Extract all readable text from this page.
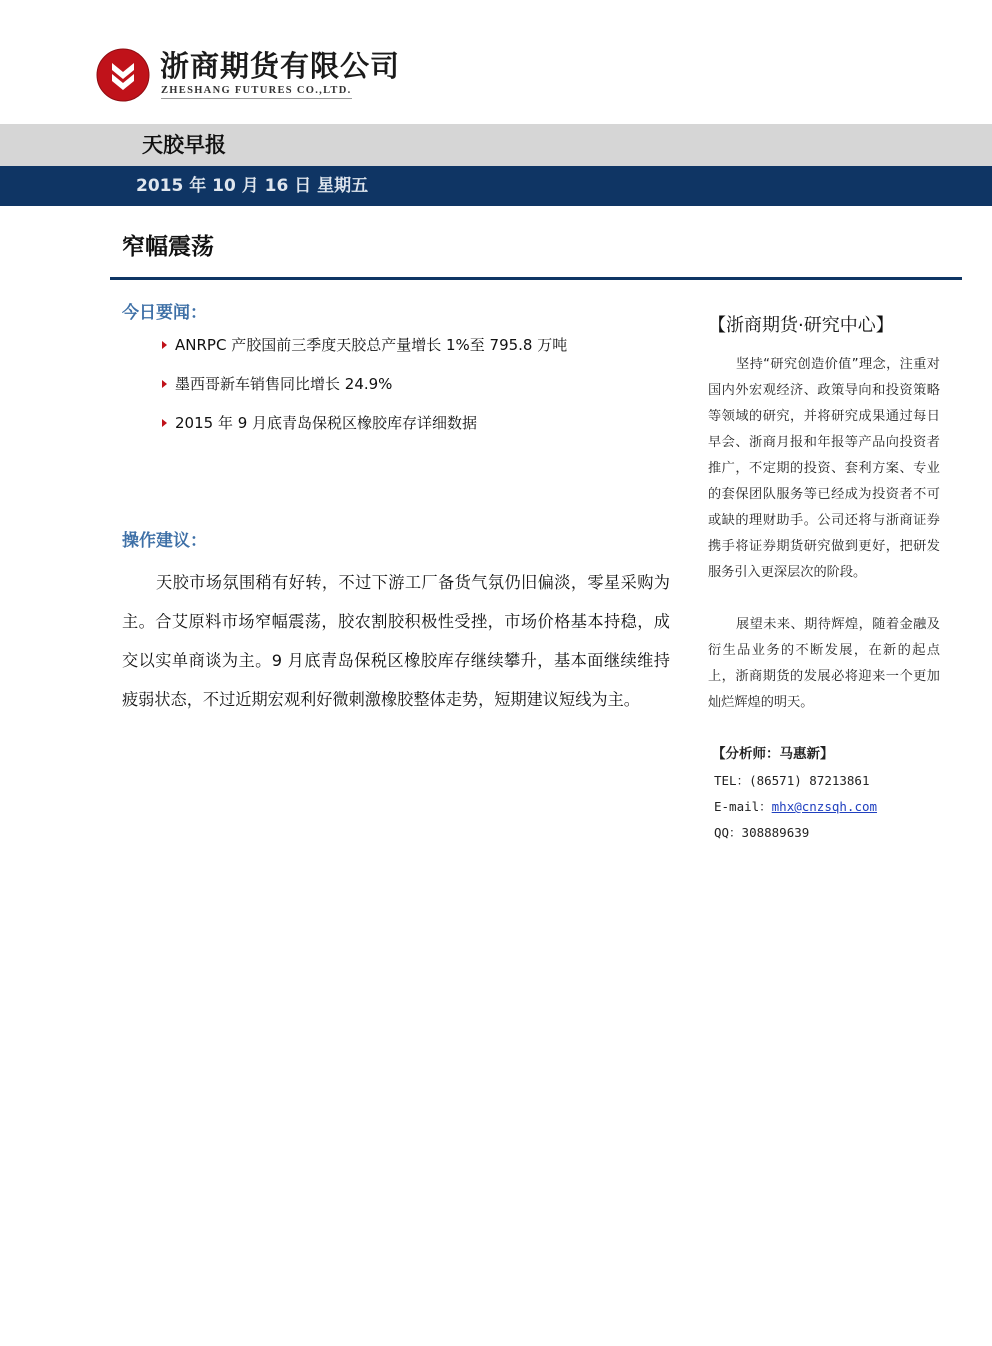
浙商期货有限公司
ZHESHANG FUTURES CO.,LTD.
天胶早报
2015 年 10 月 16 日 星期五
窄幅震荡
今日要闻：
ANRPC 产胶国前三季度天胶总产量增长 1%至 795.8 万吨
墨西哥新车销售同比增长 24.9%
2015 年 9 月底青岛保税区橡胶库存详细数据
操作建议：

天胶市场氛围稍有好转，不过下游工厂备货气氛仍旧偏淡，零星采购为主。合艾原料市场窄幅震荡，胶农割胶积极性受挫，市场价格基本持稳，成交以实单商谈为主。9 月底青岛保税区橡胶库存继续攀升，基本面继续维持疲弱状态，不过近期宏观利好微刺激橡胶整体走势，短期建议短线为主。

【浙商期货·研究中心】

坚持“研究创造价值”理念，注重对国内外宏观经济、政策导向和投资策略等领域的研究，并将研究成果通过每日早会、浙商月报和年报等产品向投资者推广，不定期的投资、套利方案、专业的套保团队服务等已经成为投资者不可或缺的理财助手。公司还将与浙商证券携手将证券期货研究做到更好，把研发服务引入更深层次的阶段。

展望未来、期待辉煌，随着金融及衍生品业务的不断发展，在新的起点上，浙商期货的发展必将迎来一个更加灿烂辉煌的明天。

【分析师：马惠新】
TEL：(86571) 87213861
E-mail：mhx@cnzsqh.com
QQ：308889639
